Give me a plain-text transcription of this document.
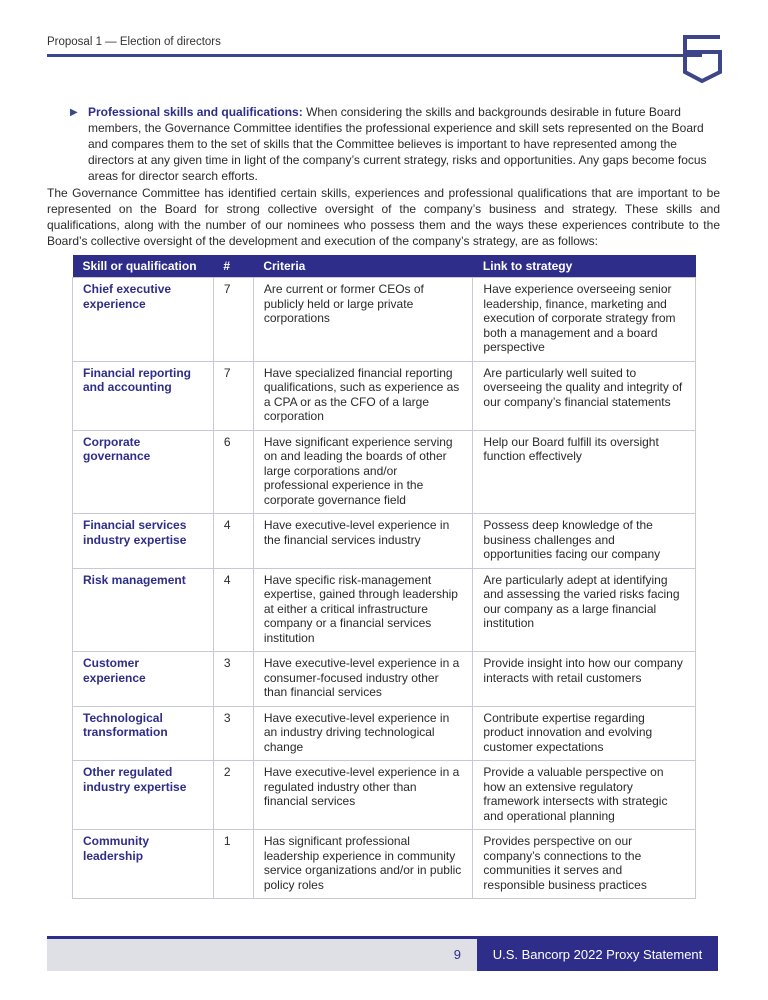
Proposal 1 — Election of directors
▶ Professional skills and qualifications: When considering the skills and backgrounds desirable in future Board members, the Governance Committee identifies the professional experience and skill sets represented on the Board and compares them to the set of skills that the Committee believes is important to have represented among the directors at any given time in light of the company’s current strategy, risks and opportunities. Any gaps become focus areas for director search efforts.

The Governance Committee has identified certain skills, experiences and professional qualifications that are important to be represented on the Board for strong collective oversight of the company’s business and strategy. These skills and qualifications, along with the number of our nominees who possess them and the ways these experiences contribute to the Board’s collective oversight of the development and execution of the company’s strategy, are as follows:

Skill or qualification	#	Criteria	Link to strategy
Chief executive experience	7	Are current or former CEOs of publicly held or large private corporations	Have experience overseeing senior leadership, finance, marketing and execution of corporate strategy from both a management and a board perspective
Financial reporting and accounting	7	Have specialized financial reporting qualifications, such as experience as a CPA or as the CFO of a large corporation	Are particularly well suited to overseeing the quality and integrity of our company’s financial statements
Corporate governance	6	Have significant experience serving on and leading the boards of other large corporations and/or professional experience in the corporate governance field	Help our Board fulfill its oversight function effectively
Financial services industry expertise	4	Have executive-level experience in the financial services industry	Possess deep knowledge of the business challenges and opportunities facing our company
Risk management	4	Have specific risk-management expertise, gained through leadership at either a critical infrastructure company or a financial services institution	Are particularly adept at identifying and assessing the varied risks facing our company as a large financial institution
Customer experience	3	Have executive-level experience in a consumer-focused industry other than financial services	Provide insight into how our company interacts with retail customers
Technological transformation	3	Have executive-level experience in an industry driving technological change	Contribute expertise regarding product innovation and evolving customer expectations
Other regulated industry expertise	2	Have executive-level experience in a regulated industry other than financial services	Provide a valuable perspective on how an extensive regulatory framework intersects with strategic and operational planning
Community leadership	1	Has significant professional leadership experience in community service organizations and/or in public policy roles	Provides perspective on our company’s connections to the communities it serves and responsible business practices
9	U.S. Bancorp 2022 Proxy Statement
